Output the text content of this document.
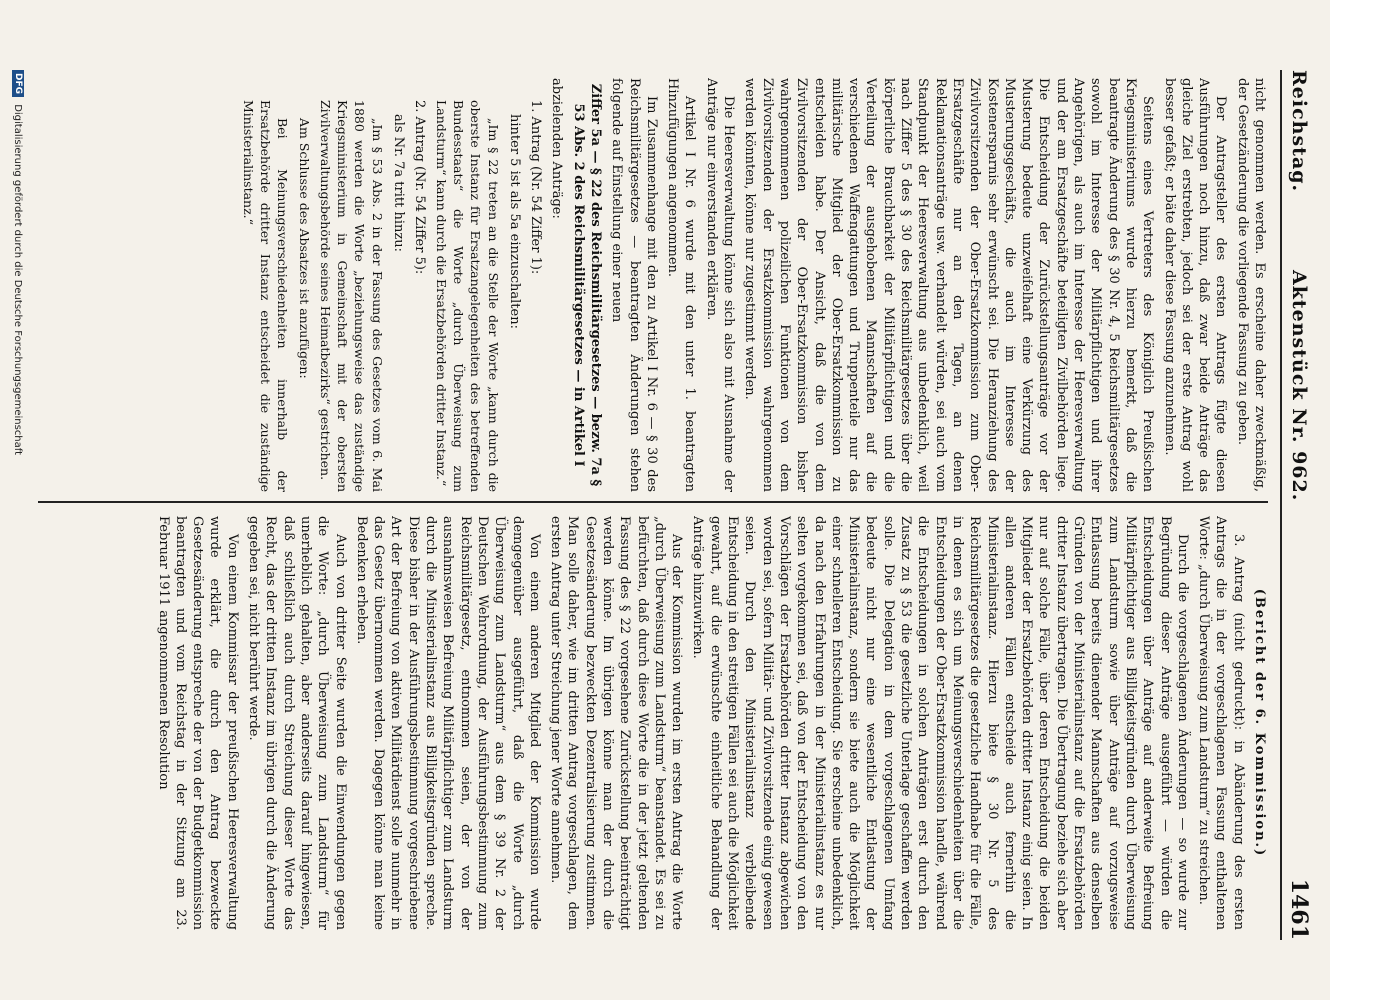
Reichstag.
Aktenstück Nr. 962.
1461

nicht genommen werden. Es erscheine daher zweckmäßig, der Gesetzänderung die vorliegende Fassung zu geben.

Der Antragsteller des ersten Antrags fügte diesen Ausführungen noch hinzu, daß zwar beide Anträge das gleiche Ziel erstrebten, jedoch sei der erste Antrag wohl besser gefaßt; er bäte daher diese Fassung anzunehmen.

Seitens eines Vertreters des Königlich Preußischen Kriegsministeriums wurde hierzu bemerkt, daß die beantragte Änderung des § 30 Nr. 4, 5 Reichsmilitärgesetzes sowohl im Interesse der Militärpflichtigen und ihrer Angehörigen, als auch im Interesse der Heeresverwaltung und der am Ersatzgeschäfte beteiligten Zivilbehörden liege. Die Entscheidung der Zurückstellungsanträge vor der Musterung bedeute unzweifelhaft eine Verkürzung des Musterungsgeschäfts, die auch im Interesse der Kostenersparnis sehr erwünscht sei. Die Heranziehung des Zivilvorsitzenden der Ober-Ersatzkommission zum Ober-Ersatzgeschäfte nur an den Tagen, an denen Reklamationsanträge usw. verhandelt würden, sei auch vom Standpunkt der Heeresverwaltung aus unbedenklich, weil nach Ziffer 5 des § 30 des Reichsmilitärgesetzes über die körperliche Brauchbarkeit der Militärpflichtigen und die Verteilung der ausgehobenen Mannschaften auf die verschiedenen Waffengattungen und Truppenteile nur das militärische Mitglied der Ober-Ersatzkommission zu entscheiden habe. Der Ansicht, daß die von dem Zivilvorsitzenden der Ober-Ersatzkommission bisher wahrgenommenen polizeilichen Funktionen von dem Zivilvorsitzenden der Ersatzkommission wahrgenommen werden könnten, könne nur zugestimmt werden.

Die Heeresverwaltung könne sich also mit Ausnahme der Anträge nur einverstanden erklären.

Artikel I Nr. 6 wurde mit den unter 1. beantragten Hinzufügungen angenommen.

Im Zusammenhange mit den zu Artikel I Nr. 6 — § 30 des Reichsmilitärgesetzes — beantragten Änderungen stehen folgende auf Einstellung einer neuen

Ziffer 5a — § 22 des Reichsmilitärgesetzes — bezw. 7a § 53 Abs. 2 des Reichsmilitärgesetzes — in Artikel I

abzielenden Anträge:

1. Antrag (Nr. 54 Ziffer 1):

hinter 5 ist als 5a einzuschalten:

„Im § 22 treten an die Stelle der Worte „kann durch die oberste Instanz für Ersatzangelegenheiten des betreffenden Bundesstaats“ die Worte „durch Überweisung zum Landsturm“ kann durch die Ersatzbehörden dritter Instanz.“

2. Antrag (Nr. 54 Ziffer 5):

als Nr. 7a tritt hinzu:

„Im § 53 Abs. 2 in der Fassung des Gesetzes vom 6. Mai 1880 werden die Worte „beziehungsweise das zuständige Kriegsministerium in Gemeinschaft mit der obersten Zivilverwaltungsbehörde seines Heimatbezirks“ gestrichen.

Am Schlusse des Absatzes ist anzufügen:

Bei Meinungsverschiedenheiten innerhalb der Ersatzbehörde dritter Instanz entscheidet die zuständige Ministerialinstanz.“

(Bericht der 6. Kommission.)

3. Antrag (nicht gedruckt): in Abänderung des ersten Antrags die in der vorgeschlagenen Fassung enthaltenen Worte: „durch Überweisung zum Landsturm“ zu streichen.

Durch die vorgeschlagenen Änderungen — so wurde zur Begründung dieser Anträge ausgeführt — würden die Entscheidungen über Anträge auf anderweite Befreiung Militärpflichtiger aus Billigkeitsgründen durch Überweisung zum Landsturm sowie über Anträge auf vorzugsweise Entlassung bereits dienender Mannschaften aus denselben Gründen von der Ministerialinstanz auf die Ersatzbehörden dritter Instanz übertragen. Die Übertragung beziehe sich aber nur auf solche Fälle, über deren Entscheidung die beiden Mitglieder der Ersatzbehörden dritter Instanz einig seien. In allen anderen Fällen entscheide auch fernerhin die Ministerialinstanz. Hierzu biete § 30 Nr. 5 des Reichsmilitärgesetzes die gesetzliche Handhabe für die Fälle, in denen es sich um Meinungsverschiedenheiten über die Entscheidungen der Ober-Ersatzkommission handle, während die Entscheidungen in solchen Anträgen erst durch den Zusatz zu § 53 die gesetzliche Unterlage geschaffen werden solle. Die Delegation in dem vorgeschlagenen Umfang bedeute nicht nur eine wesentliche Entlastung der Ministerialinstanz, sondern sie biete auch die Möglichkeit einer schnelleren Entscheidung. Sie erscheine unbedenklich, da nach den Erfahrungen in der Ministerialinstanz es nur selten vorgekommen sei, daß von der Entscheidung von den Vorschlägen der Ersatzbehörden dritter Instanz abgewichen worden sei, sofern Militär- und Zivilvorsitzende einig gewesen seien. Durch den Ministerialinstanz verbleibende Entscheidung in den streitigen Fällen sei auch die Möglichkeit gewahrt, auf die erwünschte einheitliche Behandlung der Anträge hinzuwirken.

Aus der Kommission wurden im ersten Antrag die Worte „durch Überweisung zum Landsturm“ beanstandet. Es sei zu befürchten, daß durch diese Worte die in der jetzt geltenden Fassung des § 22 vorgesehene Zurückstellung beeinträchtigt werden könne. Im übrigen könne man der durch die Gesetzesänderung bezweckten Dezentralisierung zustimmen. Man solle daher, wie im dritten Antrag vorgeschlagen, dem ersten Antrag unter Streichung jener Worte annehmen.

Von einem anderen Mitglied der Kommission wurde demgegenüber ausgeführt, daß die Worte „durch Überweisung zum Landsturm“ aus dem § 39 Nr. 2 der Deutschen Wehrordnung, der Ausführungsbestimmung zum Reichsmilitärgesetz, entnommen seien, der von der ausnahmsweisen Befreiung Militärpflichtiger zum Landsturm durch die Ministerialinstanz aus Billigkeitsgründen spreche. Diese bisher in der Ausführungsbestimmung vorgeschriebene Art der Befreiung von aktiven Militärdienst solle nunmehr in das Gesetz übernommen werden. Dagegen könne man keine Bedenken erheben.

Auch von dritter Seite wurden die Einwendungen gegen die Worte: „durch Überweisung zum Landsturm“ für unerheblich gehalten, aber anderseits darauf hingewiesen, daß schließlich auch durch Streichung dieser Worte das Recht, das der dritten Instanz im übrigen durch die Änderung gegeben sei, nicht berührt werde.

Von einem Kommissar der preußischen Heeresverwaltung wurde erklärt, die durch den Antrag bezweckte Gesetzesänderung entspreche der von der Budgetkommission beantragten und vom Reichstag in der Sitzung am 23. Februar 1911 angenommenen Resolution

DFG Digitalisierung gefördert durch die Deutsche Forschungsgemeinschaft
